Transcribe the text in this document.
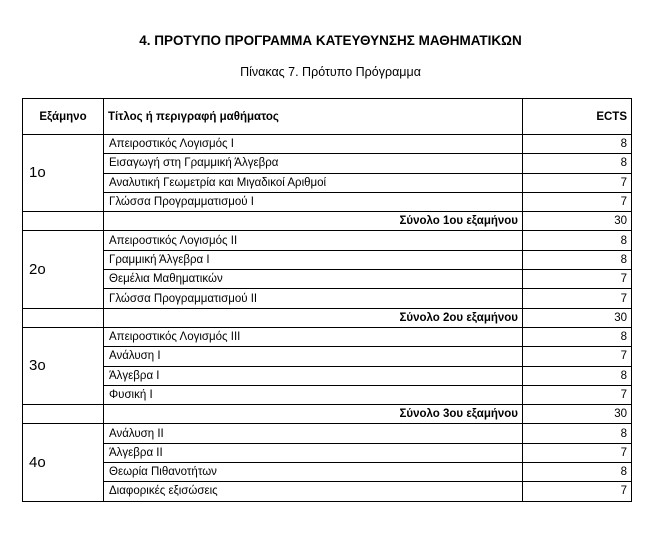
4. ΠΡΟΤΥΠΟ ΠΡΟΓΡΑΜΜΑ ΚΑΤΕΥΘΥΝΣΗΣ ΜΑΘΗΜΑΤΙΚΩΝ
Πίνακας 7. Πρότυπο Πρόγραμμα
Εξάμηνο	Τίτλος ή περιγραφή μαθήματος	ECTS
1ο	Απειροστικός Λογισμός Ι	8
	Εισαγωγή στη Γραμμική Άλγεβρα	8
	Αναλυτική Γεωμετρία και Μιγαδικοί Αριθμοί	7
	Γλώσσα Προγραμματισμού Ι	7
	Σύνολο 1ου εξαμήνου	30
2ο	Απειροστικός Λογισμός ΙΙ	8
	Γραμμική Άλγεβρα Ι	8
	Θεμέλια Μαθηματικών	7
	Γλώσσα Προγραμματισμού ΙΙ	7
	Σύνολο 2ου εξαμήνου	30
3ο	Απειροστικός Λογισμός ΙΙΙ	8
	Ανάλυση Ι	7
	Άλγεβρα Ι	8
	Φυσική Ι	7
	Σύνολο 3ου εξαμήνου	30
4ο	Ανάλυση ΙΙ	8
	Άλγεβρα ΙΙ	7
	Θεωρία Πιθανοτήτων	8
	Διαφορικές εξισώσεις	7
